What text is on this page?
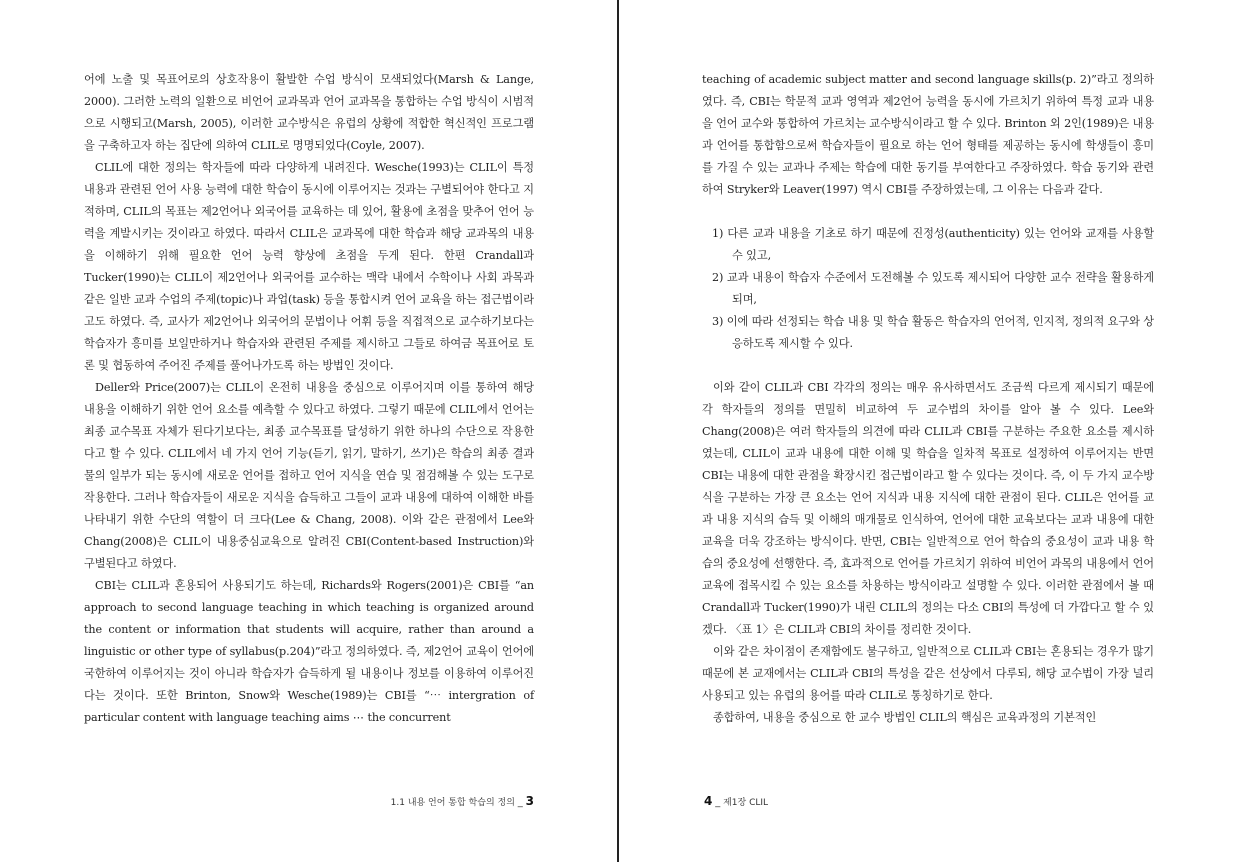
어에 노출 및 목표어로의 상호작용이 활발한 수업 방식이 모색되었다(Marsh & Lange, 2000). 그러한 노력의 일환으로 비언어 교과목과 언어 교과목을 통합하는 수업 방식이 시범적으로 시행되고(Marsh, 2005), 이러한 교수방식은 유럽의 상황에 적합한 혁신적인 프로그램을 구축하고자 하는 집단에 의하여 CLIL로 명명되었다(Coyle, 2007).

CLIL에 대한 정의는 학자들에 따라 다양하게 내려진다. Wesche(1993)는 CLIL이 특정 내용과 관련된 언어 사용 능력에 대한 학습이 동시에 이루어지는 것과는 구별되어야 한다고 지적하며, CLIL의 목표는 제2언어나 외국어를 교육하는 데 있어, 활용에 초점을 맞추어 언어 능력을 계발시키는 것이라고 하였다. 따라서 CLIL은 교과목에 대한 학습과 해당 교과목의 내용을 이해하기 위해 필요한 언어 능력 향상에 초점을 두게 된다. 한편 Crandall과 Tucker(1990)는 CLIL이 제2언어나 외국어를 교수하는 맥락 내에서 수학이나 사회 과목과 같은 일반 교과 수업의 주제(topic)나 과업(task) 등을 통합시켜 언어 교육을 하는 접근법이라고도 하였다. 즉, 교사가 제2언어나 외국어의 문법이나 어휘 등을 직접적으로 교수하기보다는 학습자가 흥미를 보일만하거나 학습자와 관련된 주제를 제시하고 그들로 하여금 목표어로 토론 및 협동하여 주어진 주제를 풀어나가도록 하는 방법인 것이다.

Deller와 Price(2007)는 CLIL이 온전히 내용을 중심으로 이루어지며 이를 통하여 해당 내용을 이해하기 위한 언어 요소를 예측할 수 있다고 하였다. 그렇기 때문에 CLIL에서 언어는 최종 교수목표 자체가 된다기보다는, 최종 교수목표를 달성하기 위한 하나의 수단으로 작용한다고 할 수 있다. CLIL에서 네 가지 언어 기능(듣기, 읽기, 말하기, 쓰기)은 학습의 최종 결과물의 일부가 되는 동시에 새로운 언어를 접하고 언어 지식을 연습 및 점검해볼 수 있는 도구로 작용한다. 그러나 학습자들이 새로운 지식을 습득하고 그들이 교과 내용에 대하여 이해한 바를 나타내기 위한 수단의 역할이 더 크다(Lee & Chang, 2008). 이와 같은 관점에서 Lee와 Chang(2008)은 CLIL이 내용중심교육으로 알려진 CBI(Content-based Instruction)와 구별된다고 하였다.

CBI는 CLIL과 혼용되어 사용되기도 하는데, Richards와 Rogers(2001)은 CBI를 “an approach to second language teaching in which teaching is organized around the content or information that students will acquire, rather than around a linguistic or other type of syllabus(p.204)”라고 정의하였다. 즉, 제2언어 교육이 언어에 국한하여 이루어지는 것이 아니라 학습자가 습득하게 될 내용이나 정보를 이용하여 이루어진다는 것이다. 또한 Brinton, Snow와 Wesche(1989)는 CBI를 “⋯ intergration of particular content with language teaching aims ⋯ the concurrent

1.1 내용 언어 통합 학습의 정의 _ 3

teaching of academic subject matter and second language skills(p. 2)”라고 정의하였다. 즉, CBI는 학문적 교과 영역과 제2언어 능력을 동시에 가르치기 위하여 특정 교과 내용을 언어 교수와 통합하여 가르치는 교수방식이라고 할 수 있다. Brinton 외 2인(1989)은 내용과 언어를 통합함으로써 학습자들이 필요로 하는 언어 형태를 제공하는 동시에 학생들이 흥미를 가질 수 있는 교과나 주제는 학습에 대한 동기를 부여한다고 주장하였다. 학습 동기와 관련하여 Stryker와 Leaver(1997) 역시 CBI를 주장하였는데, 그 이유는 다음과 같다.

1) 다른 교과 내용을 기초로 하기 때문에 진정성(authenticity) 있는 언어와 교재를 사용할 수 있고,
2) 교과 내용이 학습자 수준에서 도전해볼 수 있도록 제시되어 다양한 교수 전략을 활용하게 되며,
3) 이에 따라 선정되는 학습 내용 및 학습 활동은 학습자의 언어적, 인지적, 정의적 요구와 상응하도록 제시할 수 있다.

이와 같이 CLIL과 CBI 각각의 정의는 매우 유사하면서도 조금씩 다르게 제시되기 때문에 각 학자들의 정의를 면밀히 비교하여 두 교수법의 차이를 알아 볼 수 있다. Lee와 Chang(2008)은 여러 학자들의 의견에 따라 CLIL과 CBI를 구분하는 주요한 요소를 제시하였는데, CLIL이 교과 내용에 대한 이해 및 학습을 일차적 목표로 설정하여 이루어지는 반면 CBI는 내용에 대한 관점을 확장시킨 접근법이라고 할 수 있다는 것이다. 즉, 이 두 가지 교수방식을 구분하는 가장 큰 요소는 언어 지식과 내용 지식에 대한 관점이 된다. CLIL은 언어를 교과 내용 지식의 습득 및 이해의 매개물로 인식하여, 언어에 대한 교육보다는 교과 내용에 대한 교육을 더욱 강조하는 방식이다. 반면, CBI는 일반적으로 언어 학습의 중요성이 교과 내용 학습의 중요성에 선행한다. 즉, 효과적으로 언어를 가르치기 위하여 비언어 과목의 내용에서 언어 교육에 접목시킬 수 있는 요소를 차용하는 방식이라고 설명할 수 있다. 이러한 관점에서 볼 때 Crandall과 Tucker(1990)가 내린 CLIL의 정의는 다소 CBI의 특성에 더 가깝다고 할 수 있겠다. 〈표 1〉은 CLIL과 CBI의 차이를 정리한 것이다.

이와 같은 차이점이 존재함에도 불구하고, 일반적으로 CLIL과 CBI는 혼용되는 경우가 많기 때문에 본 교재에서는 CLIL과 CBI의 특성을 같은 선상에서 다루되, 해당 교수법이 가장 널리 사용되고 있는 유럽의 용어를 따라 CLIL로 통칭하기로 한다.

종합하여, 내용을 중심으로 한 교수 방법인 CLIL의 핵심은 교육과정의 기본적인

4 _ 제1장 CLIL
